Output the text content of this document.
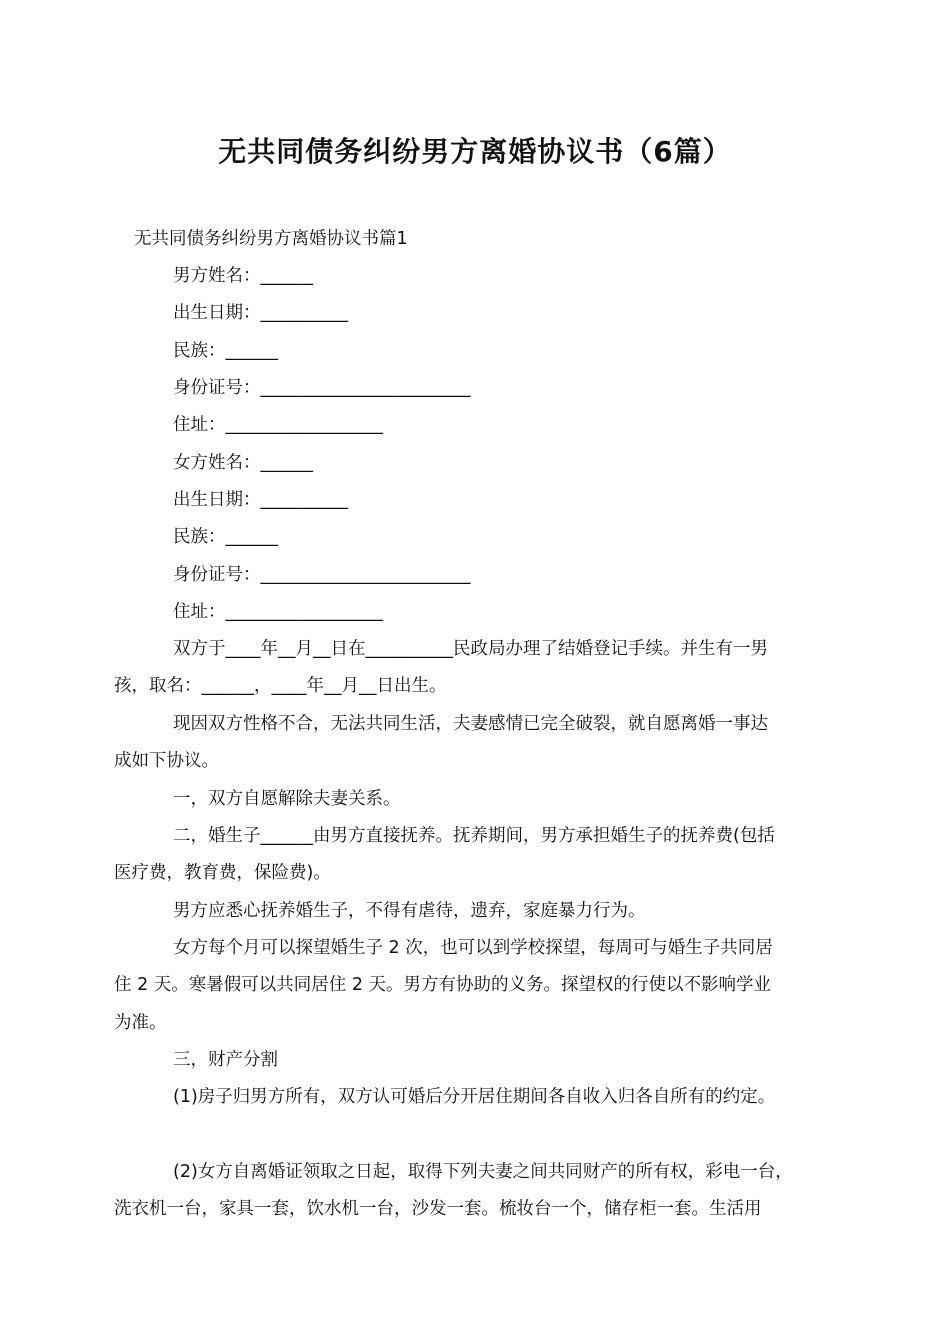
无共同债务纠纷男方离婚协议书（6篇）

无共同债务纠纷男方离婚协议书篇1

男方姓名：______

出生日期：__________

民族：______

身份证号：________________________

住址：__________________

女方姓名：______

出生日期：__________

民族：______

身份证号：________________________

住址：__________________

双方于____年__月__日在__________民政局办理了结婚登记手续。并生有一男

孩，取名：______，____年__月__日出生。

现因双方性格不合，无法共同生活，夫妻感情已完全破裂，就自愿离婚一事达

成如下协议。

一，双方自愿解除夫妻关系。

二，婚生子______由男方直接抚养。抚养期间，男方承担婚生子的抚养费(包括

医疗费，教育费，保险费)。

男方应悉心抚养婚生子，不得有虐待，遗弃，家庭暴力行为。

女方每个月可以探望婚生子 2 次，也可以到学校探望，每周可与婚生子共同居

住 2 天。寒暑假可以共同居住 2 天。男方有协助的义务。探望权的行使以不影响学业

为准。

三，财产分割

(1)房子归男方所有，双方认可婚后分开居住期间各自收入归各自所有的约定。

(2)女方自离婚证领取之日起，取得下列夫妻之间共同财产的所有权，彩电一台，

洗衣机一台，家具一套，饮水机一台，沙发一套。梳妆台一个，储存柜一套。生活用
